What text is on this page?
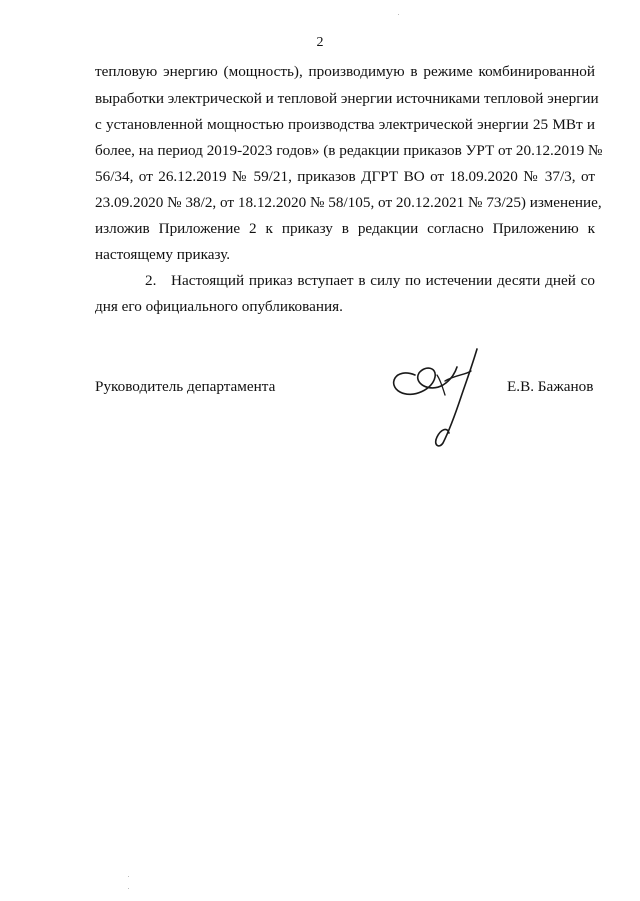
2
тепловую энергию (мощность), производимую в режиме комбинированной
выработки электрической и тепловой энергии источниками тепловой энергии
с установленной мощностью производства электрической энергии 25 МВт и
более, на период 2019-2023 годов» (в редакции приказов УРТ от 20.12.2019 №
56/34, от 26.12.2019 № 59/21, приказов ДГРТ ВО от 18.09.2020 № 37/3, от
23.09.2020 № 38/2, от 18.12.2020 № 58/105, от 20.12.2021 № 73/25) изменение,
изложив Приложение 2 к приказу в редакции согласно Приложению к
настоящему приказу.
2. Настоящий приказ вступает в силу по истечении десяти дней со
дня его официального опубликования.
Руководитель департамента	Е.В. Бажанов
